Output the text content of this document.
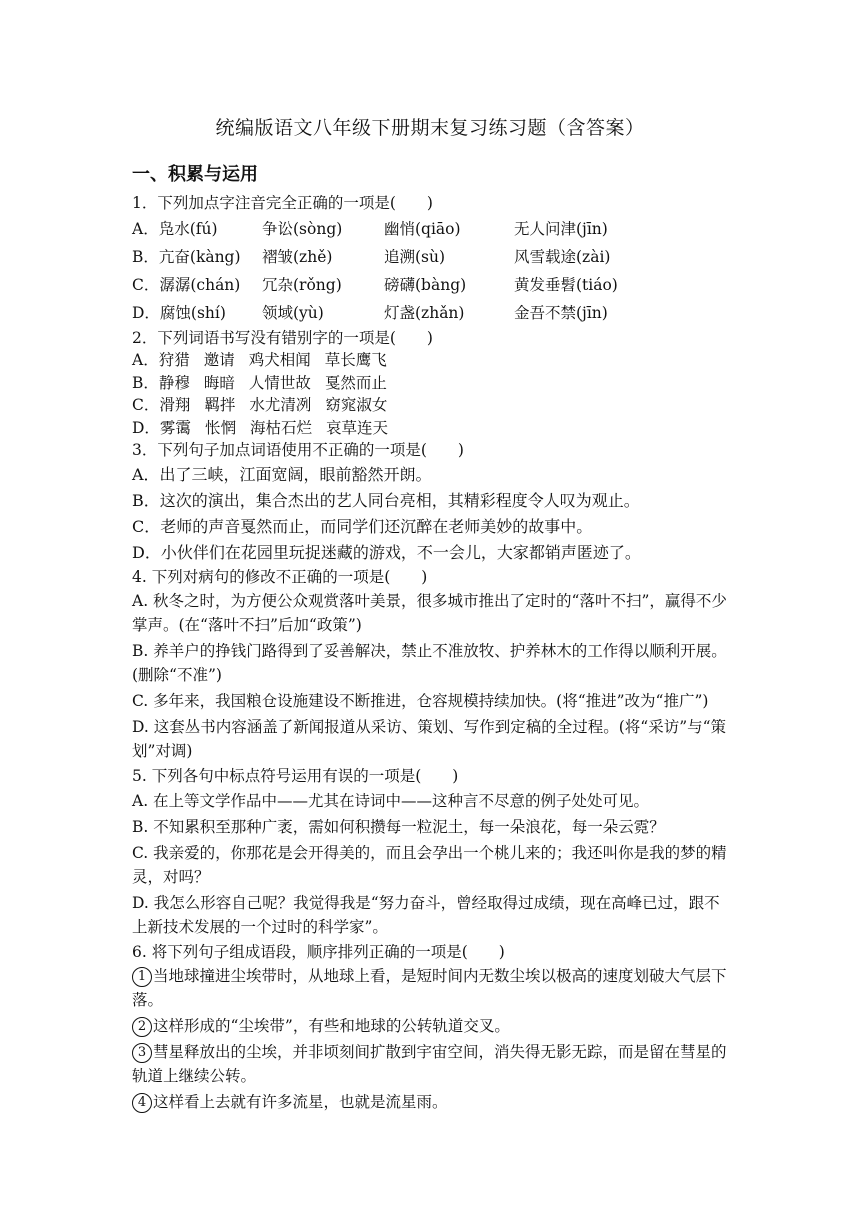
统编版语文八年级下册期末复习练习题（含答案）
一、积累与运用
1．下列加点字注音完全正确的一项是(　　)
A．凫水(fú)	争讼(sòng)	幽悄(qiāo)	无人问津(jīn)
B．亢奋(kàng)	褶皱(zhě)	追溯(sù)	风雪载途(zài)
C．潺潺(chán)	冗杂(rǒng)	磅礴(bàng)	黄发垂髫(tiáo)
D．腐蚀(shí)	领域(yù)	灯盏(zhǎn)	金吾不禁(jīn)
2．下列词语书写没有错别字的一项是(　　)
A．狩猎 邀请 鸡犬相闻 草长鹰飞
B．静穆 晦暗 人情世故 戛然而止
C．滑翔 羁拌 水尤清冽 窈窕淑女
D．雾霭 怅惘 海枯石烂 哀草连天
3．下列句子加点词语使用不正确的一项是(　　)
A．出了三峡，江面宽阔，眼前豁然开朗。
B．这次的演出，集合杰出的艺人同台亮相，其精彩程度令人叹为观止。
C．老师的声音戛然而止，而同学们还沉醉在老师美妙的故事中。
D．小伙伴们在花园里玩捉迷藏的游戏，不一会儿，大家都销声匿迹了。
4. 下列对病句的修改不正确的一项是(　　)
A. 秋冬之时，为方便公众观赏落叶美景，很多城市推出了定时的“落叶不扫”，赢得不少掌声。(在“落叶不扫”后加“政策”)
B. 养羊户的挣钱门路得到了妥善解决，禁止不准放牧、护养林木的工作得以顺利开展。(删除“不准”)
C. 多年来，我国粮仓设施建设不断推进，仓容规模持续加快。(将“推进”改为“推广”)
D. 这套丛书内容涵盖了新闻报道从采访、策划、写作到定稿的全过程。(将“采访”与“策划”对调)
5. 下列各句中标点符号运用有误的一项是(　　)
A. 在上等文学作品中——尤其在诗词中——这种言不尽意的例子处处可见。
B. 不知累积至那种广袤，需如何积攒每一粒泥土，每一朵浪花，每一朵云霓？
C. 我亲爱的，你那花是会开得美的，而且会孕出一个桃儿来的；我还叫你是我的梦的精灵，对吗？
D. 我怎么形容自己呢？我觉得我是“努力奋斗，曾经取得过成绩，现在高峰已过，跟不上新技术发展的一个过时的科学家”。
6. 将下列句子组成语段，顺序排列正确的一项是(　　)
1 当地球撞进尘埃带时，从地球上看，是短时间内无数尘埃以极高的速度划破大气层下落。
2 这样形成的“尘埃带”，有些和地球的公转轨道交叉。
3 彗星释放出的尘埃，并非顷刻间扩散到宇宙空间，消失得无影无踪，而是留在彗星的轨道上继续公转。
4 这样看上去就有许多流星，也就是流星雨。
